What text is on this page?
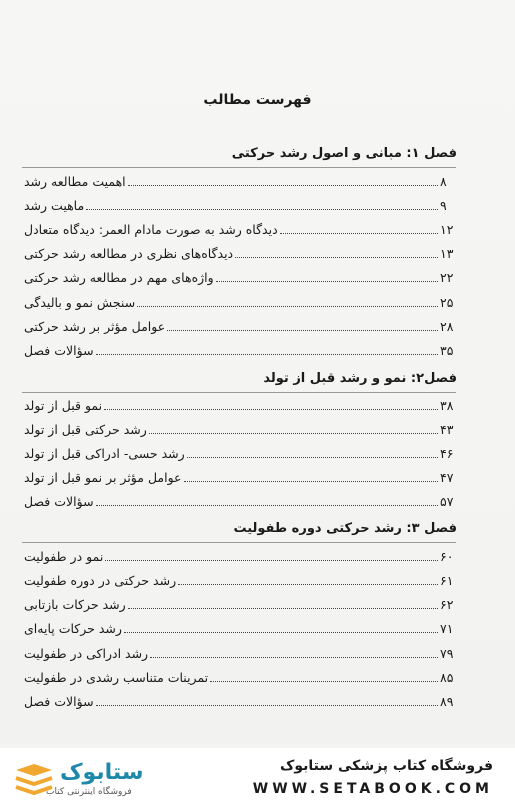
فهرست مطالب
فصل ۱: مبانی و اصول رشد حرکتی
اهمیت مطالعه رشد	۸
ماهیت رشد	۹
دیدگاه رشد به صورت مادام العمر: دیدگاه متعادل	۱۲
دیدگاه‌های نظری در مطالعه رشد حرکتی	۱۳
واژه‌های مهم در مطالعه رشد حرکتی	۲۲
سنجش نمو و بالیدگی	۲۵
عوامل مؤثر بر رشد حرکتی	۲۸
سؤالات فصل	۳۵
فصل۲: نمو و رشد قبل از تولد
نمو قبل از تولد	۳۸
رشد حرکتی قبل از تولد	۴۳
رشد حسی- ادراکی قبل از تولد	۴۶
عوامل مؤثر بر نمو قبل از تولد	۴۷
سؤالات فصل	۵۷
فصل ۳: رشد حرکتی دوره طفولیت
نمو در طفولیت	۶۰
رشد حرکتی در دوره طفولیت	۶۱
رشد حرکات بازتابی	۶۲
رشد حرکات پایه‌ای	۷۱
رشد ادراکی در طفولیت	۷۹
تمرینات متناسب رشدی در طفولیت	۸۵
سؤالات فصل	۸۹
ستابوک
فروشگاه اینترنتی کتاب
فروشگاه کتاب پزشکی ستابوک
WWW.SETABOOK.COM
